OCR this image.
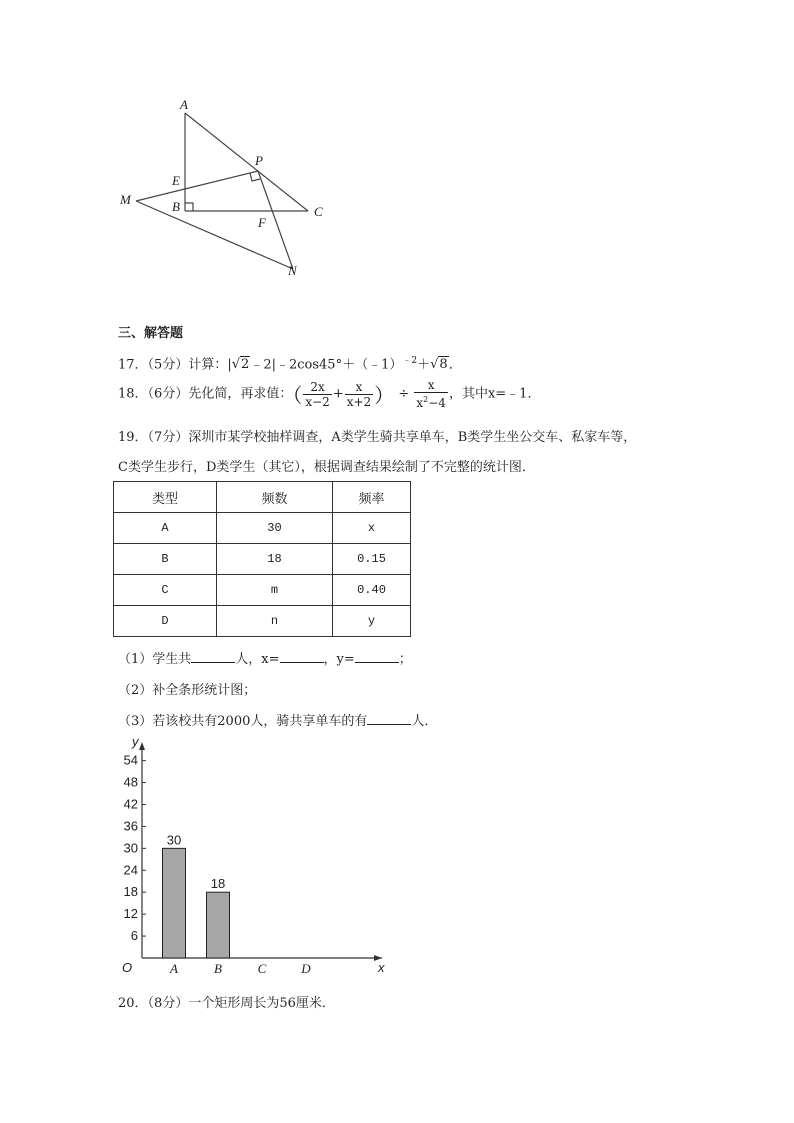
A
E
P
M	B
F
C
N
三、解答题
17．（5分）计算：|√2﹣2|﹣2cos45°＋（﹣1）$^{﹣2}$＋√8．
18．（6分）先化简，再求值：（ $\frac{2x}{x-2} + \frac{x}{x+2}$ ） ÷ $\frac{x}{x^2-4}$ ，其中x=﹣1．
19．（7分）深圳市某学校抽样调查，A类学生骑共享单车，B类学生坐公交车、私家车等，
C类学生步行，D类学生（其它），根据调查结果绘制了不完整的统计图．
类型	频数	频率
A	30	x
B	18	0.15
C	m	0.40
D	n	y
（1）学生共	人，x=	，y=	；
（2）补全条形统计图；
（3）若该校共有2000人，骑共享单车的有	人．
6
12
18
24
30
36
42
48
54
y
x
O	A
30
B
18
C	D
20．（8分）一个矩形周长为56厘米．
